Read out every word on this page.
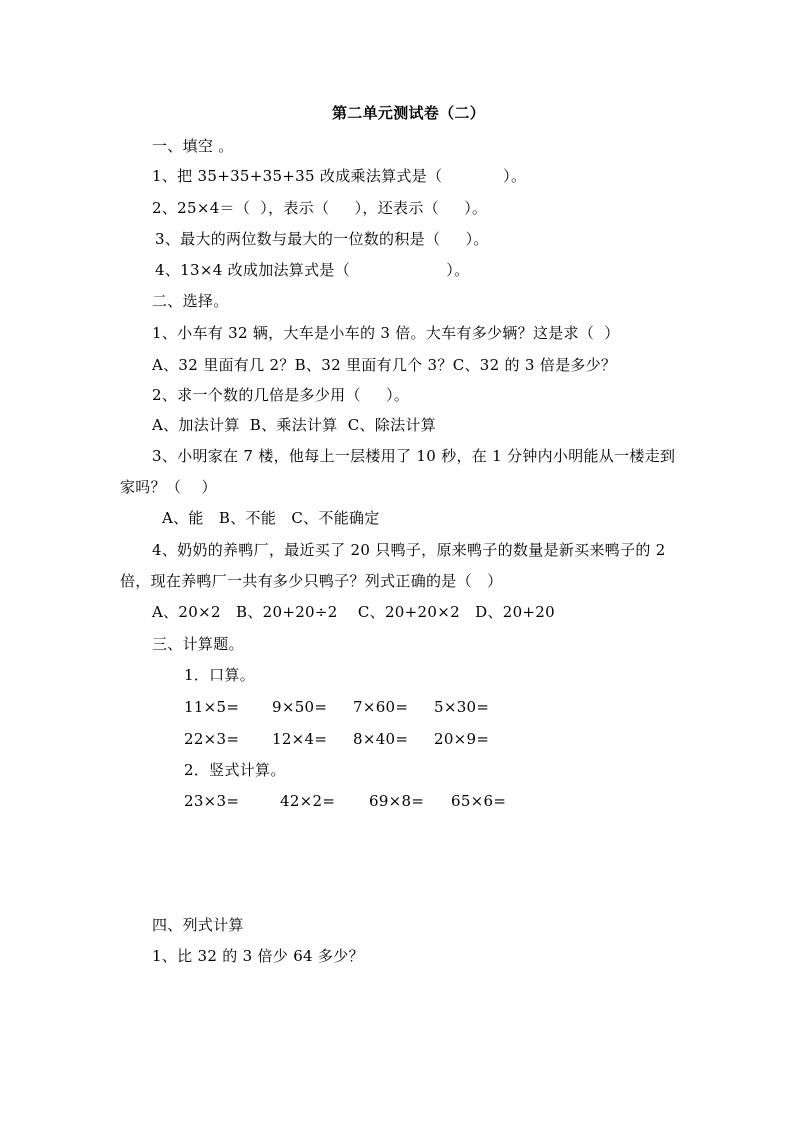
第二单元测试卷（二）
一、填空 。
1、把 35+35+35+35 改成乘法算式是（            ）。
2、25×4＝（  ），表示（     ），还表示（     ）。
3、最大的两位数与最大的一位数的积是（     ）。
4、13×4 改成加法算式是（                   ）。
二、选择。
1、小车有 32 辆，大车是小车的 3 倍。大车有多少辆？这是求（  ）
A、32 里面有几 2？B、32 里面有几个 3？C、32 的 3 倍是多少？
2、求一个数的几倍是多少用（     ）。
A、加法计算  B、乘法计算  C、除法计算
3、小明家在 7 楼，他每上一层楼用了 10 秒，在 1 分钟内小明能从一楼走到
家吗？（    ）
A、能   B、不能   C、不能确定
4、奶奶的养鸭厂，最近买了 20 只鸭子，原来鸭子的数量是新买来鸭子的 2
倍，现在养鸭厂一共有多少只鸭子？列式正确的是（   ）
A、20×2   B、20+20÷2    C、20+20×2   D、20+20
三、计算题。
1．口算。
11×5= 9×50= 7×60= 5×30=
22×3= 12×4= 8×40= 20×9=
2．竖式计算。
23×3=	42×2= 69×8= 65×6=
四、列式计算
1、比 32 的 3 倍少 64 多少？
